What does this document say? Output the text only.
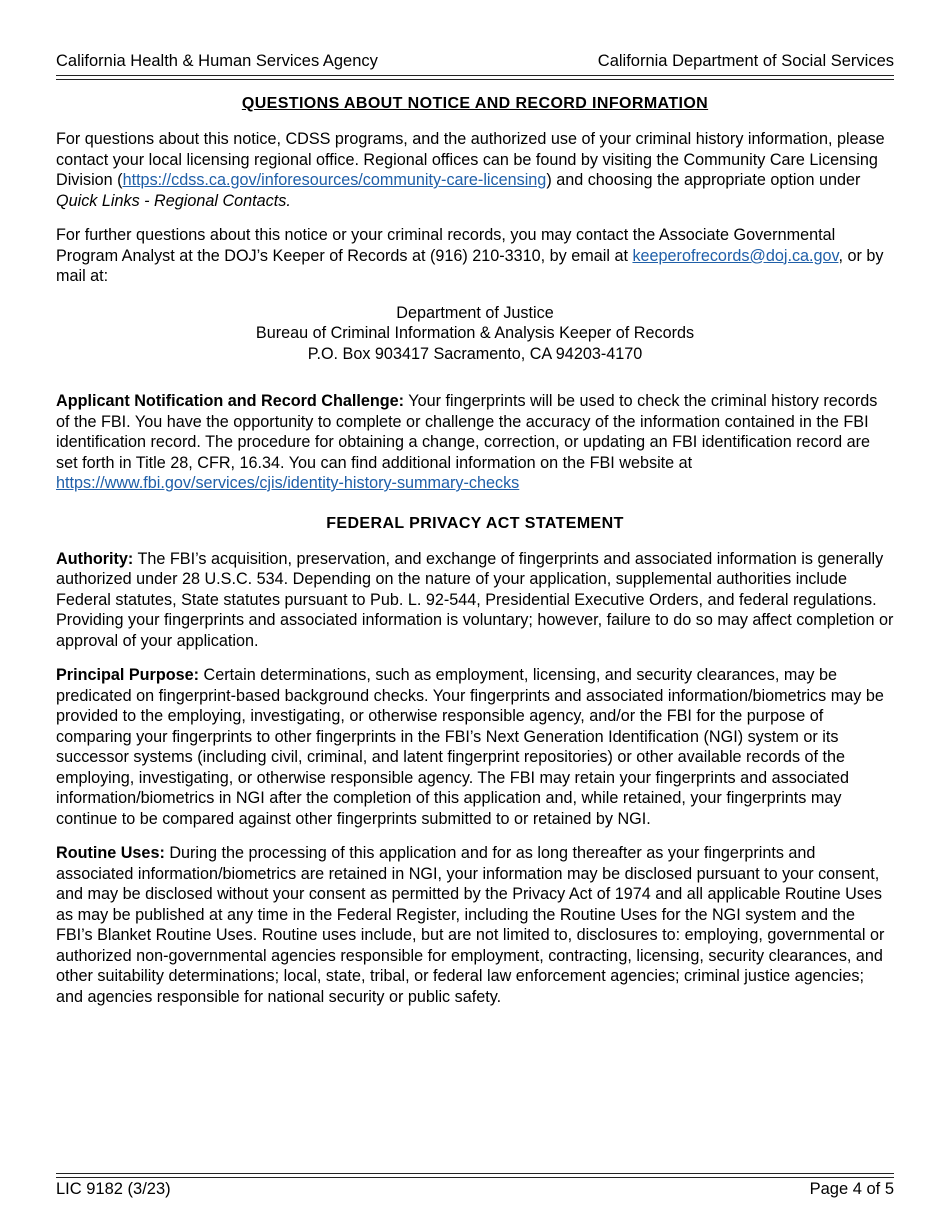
California Health & Human Services Agency	California Department of Social Services
QUESTIONS ABOUT NOTICE AND RECORD INFORMATION

For questions about this notice, CDSS programs, and the authorized use of your criminal history information, please contact your local licensing regional office. Regional offices can be found by visiting the Community Care Licensing Division (https://cdss.ca.gov/inforesources/community-care-licensing) and choosing the appropriate option under Quick Links - Regional Contacts.

For further questions about this notice or your criminal records, you may contact the Associate Governmental Program Analyst at the DOJ’s Keeper of Records at (916) 210-3310, by email at keeperofrecords@doj.ca.gov, or by mail at:

Department of Justice
Bureau of Criminal Information & Analysis Keeper of Records
P.O. Box 903417 Sacramento, CA 94203-4170

Applicant Notification and Record Challenge: Your fingerprints will be used to check the criminal history records of the FBI. You have the opportunity to complete or challenge the accuracy of the information contained in the FBI identification record. The procedure for obtaining a change, correction, or updating an FBI identification record are set forth in Title 28, CFR, 16.34. You can find additional information on the FBI website at https://www.fbi.gov/services/cjis/identity-history-summary-checks

FEDERAL PRIVACY ACT STATEMENT

Authority: The FBI’s acquisition, preservation, and exchange of fingerprints and associated information is generally authorized under 28 U.S.C. 534. Depending on the nature of your application, supplemental authorities include Federal statutes, State statutes pursuant to Pub. L. 92-544, Presidential Executive Orders, and federal regulations. Providing your fingerprints and associated information is voluntary; however, failure to do so may affect completion or approval of your application.

Principal Purpose: Certain determinations, such as employment, licensing, and security clearances, may be predicated on fingerprint-based background checks. Your fingerprints and associated information/biometrics may be provided to the employing, investigating, or otherwise responsible agency, and/or the FBI for the purpose of comparing your fingerprints to other fingerprints in the FBI’s Next Generation Identification (NGI) system or its successor systems (including civil, criminal, and latent fingerprint repositories) or other available records of the employing, investigating, or otherwise responsible agency. The FBI may retain your fingerprints and associated information/biometrics in NGI after the completion of this application and, while retained, your fingerprints may continue to be compared against other fingerprints submitted to or retained by NGI.

Routine Uses: During the processing of this application and for as long thereafter as your fingerprints and associated information/biometrics are retained in NGI, your information may be disclosed pursuant to your consent, and may be disclosed without your consent as permitted by the Privacy Act of 1974 and all applicable Routine Uses as may be published at any time in the Federal Register, including the Routine Uses for the NGI system and the FBI’s Blanket Routine Uses. Routine uses include, but are not limited to, disclosures to: employing, governmental or authorized non-governmental agencies responsible for employment, contracting, licensing, security clearances, and other suitability determinations; local, state, tribal, or federal law enforcement agencies; criminal justice agencies; and agencies responsible for national security or public safety.

LIC 9182 (3/23)	Page 4 of 5
